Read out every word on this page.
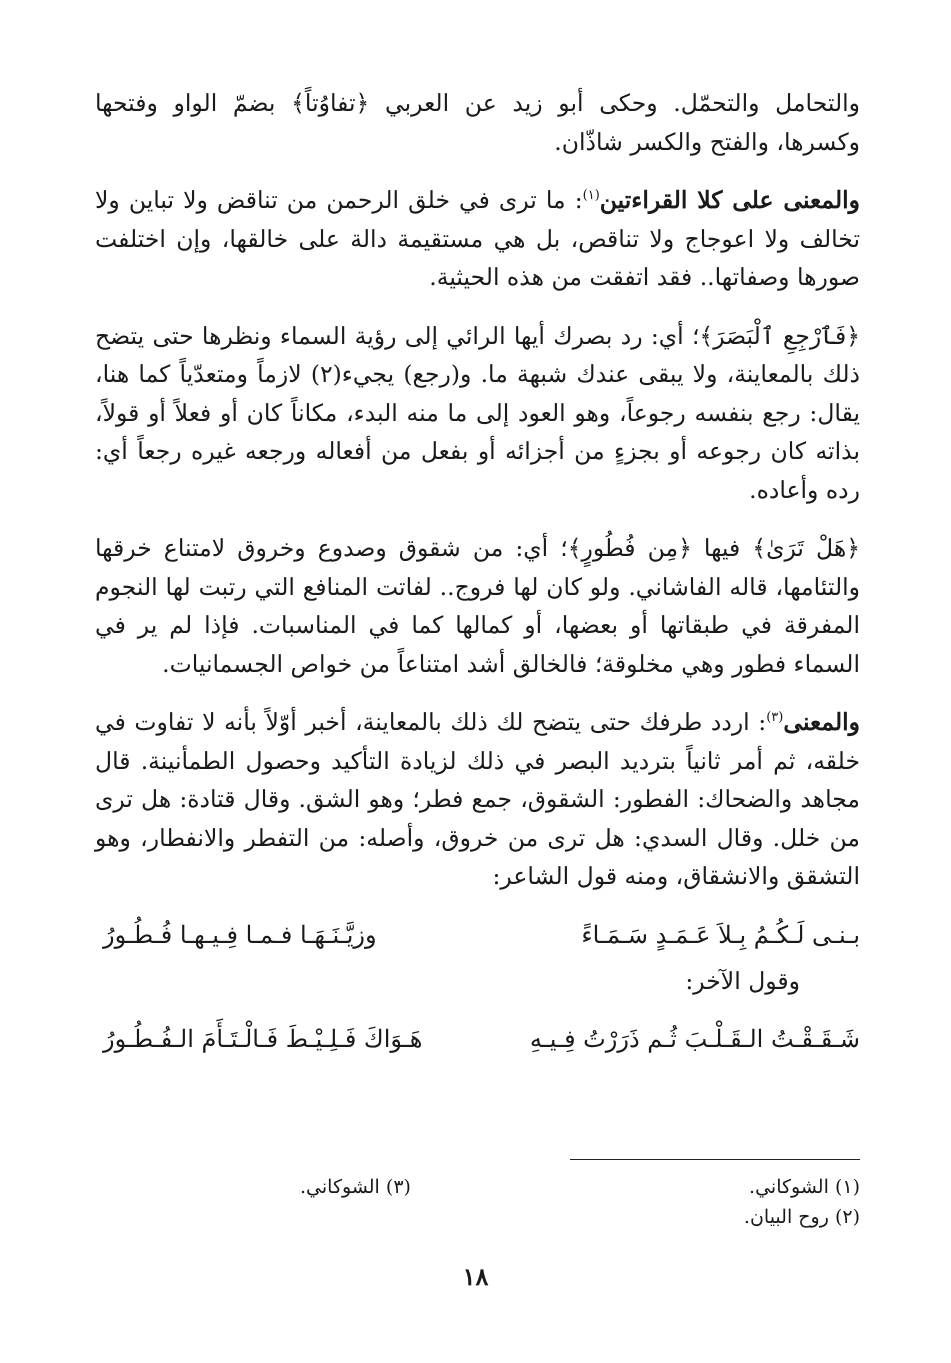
والتحامل والتحمّل. وحكى أبو زيد عن العربي ﴿تفاوُتاً﴾ بضمّ الواو وفتحها وكسرها، والفتح والكسر شاذّان.

والمعنى على كلا القراءتين$^{(١)}$: ما ترى في خلق الرحمن من تناقض ولا تباين ولا تخالف ولا اعوجاج ولا تناقص، بل هي مستقيمة دالة على خالقها، وإن اختلفت صورها وصفاتها.. فقد اتفقت من هذه الحيثية.

﴿فَٱرْجِعِ ٱلْبَصَرَ﴾؛ أي: رد بصرك أيها الرائي إلى رؤية السماء ونظرها حتى يتضح ذلك بالمعاينة، ولا يبقى عندك شبهة ما. و(رجع) يجيء(٢) لازماً ومتعدّياً كما هنا، يقال: رجع بنفسه رجوعاً، وهو العود إلى ما منه البدء، مكاناً كان أو فعلاً أو قولاً، بذاته كان رجوعه أو بجزءٍ من أجزائه أو بفعل من أفعاله ورجعه غيره رجعاً أي: رده وأعاده.

﴿هَلْ تَرَىٰ﴾ فيها ﴿مِن فُطُورٍ﴾؛ أي: من شقوق وصدوع وخروق لامتناع خرقها والتئامها، قاله الفاشاني. ولو كان لها فروج.. لفاتت المنافع التي رتبت لها النجوم المفرقة في طبقاتها أو بعضها، أو كمالها كما في المناسبات. فإذا لم ير في السماء فطور وهي مخلوقة؛ فالخالق أشد امتناعاً من خواص الجسمانيات.

والمعنى$^{(٣)}$: اردد طرفك حتى يتضح لك ذلك بالمعاينة، أخبر أوّلاً بأنه لا تفاوت في خلقه، ثم أمر ثانياً بترديد البصر في ذلك لزيادة التأكيد وحصول الطمأنينة. قال مجاهد والضحاك: الفطور: الشقوق، جمع فطر؛ وهو الشق. وقال قتادة: هل ترى من خلل. وقال السدي: هل ترى من خروق، وأصله: من التفطر والانفطار، وهو التشقق والانشقاق، ومنه قول الشاعر:

بـنـى لَـكُـمُ بِـلاَ عَـمَـدٍ سَـمَـاءً
وزيَّـنَـهَـا فـمـا فِـيـهـا فُـطُـورُ

وقول الآخر:

شَـقَـقْـتُ الـقَـلْـبَ ثُـم ذَرَرْتُ فِـيـهِ
هَـوَاكَ فَـلِـيْـطَ فَـالْـتَـأَمَ الـفُـطُـورُ
(١) الشوكاني.
(٣) الشوكاني.
(٢) روح البيان.
١٨
